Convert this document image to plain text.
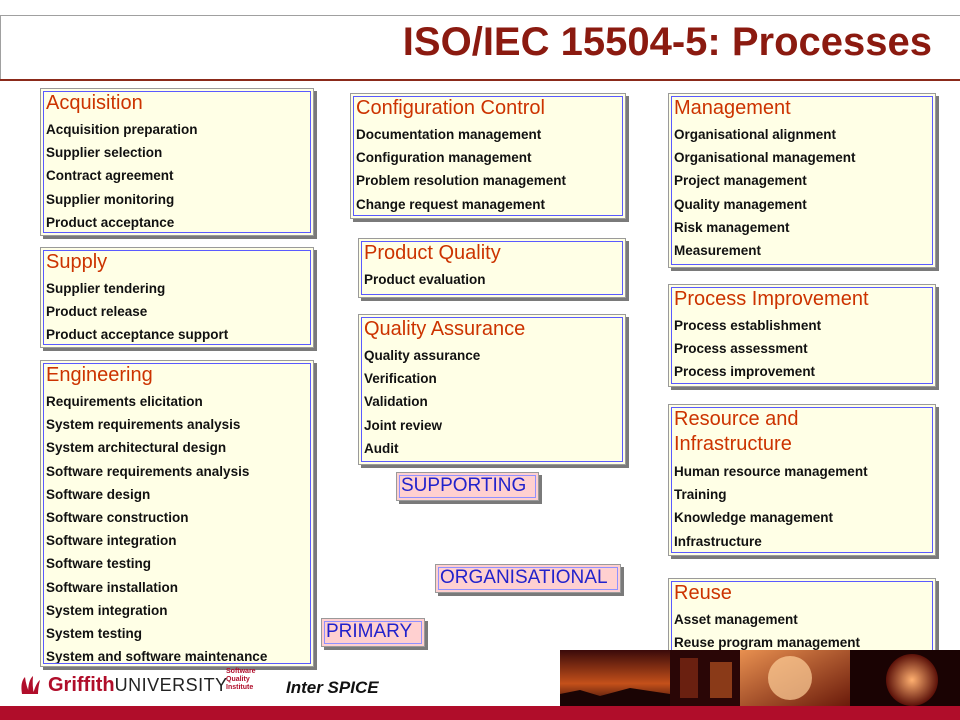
ISO/IEC 15504-5: Processes
Acquisition
Acquisition preparation
Supplier selection
Contract agreement
Supplier monitoring
Product acceptance
Supply
Supplier tendering
Product release
Product acceptance support
Engineering
Requirements elicitation
System requirements analysis
System architectural design
Software requirements analysis
Software design
Software construction
Software integration
Software testing
Software installation
System integration
System testing
System and software maintenance
Configuration Control
Documentation management
Configuration management
Problem resolution management
Change request management
Product Quality
Product evaluation
Quality Assurance
Quality assurance
Verification
Validation
Joint review
Audit
Management
Organisational alignment
Organisational management
Project management
Quality management
Risk management
Measurement
Process Improvement
Process establishment
Process assessment
Process improvement
Resource and Infrastructure
Human resource management
Training
Knowledge management
Infrastructure
Reuse
Asset management
Reuse program management
SUPPORTING
ORGANISATIONAL
PRIMARY
GriffithUNIVERSITY
Software
Quality
Institute Inter SPICE
